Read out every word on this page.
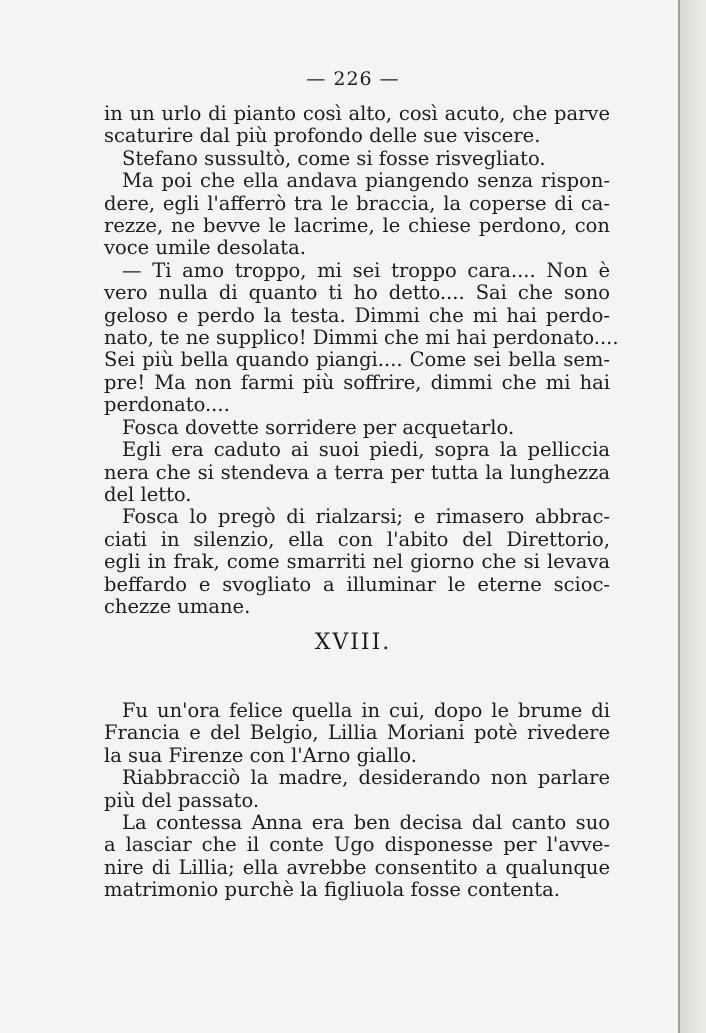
— 226 —
in un urlo di pianto così alto, così acuto, che parve
scaturire dal più profondo delle sue viscere.
Stefano sussultò, come si fosse risvegliato.
Ma poi che ella andava piangendo senza rispon-
dere, egli l'afferrò tra le braccia, la coperse di ca-
rezze, ne bevve le lacrime, le chiese perdono, con
voce umile desolata.
— Ti amo troppo, mi sei troppo cara.... Non è
vero nulla di quanto ti ho detto.... Sai che sono
geloso e perdo la testa. Dimmi che mi hai perdo-
nato, te ne supplico! Dimmi che mi hai perdonato....
Sei più bella quando piangi.... Come sei bella sem-
pre! Ma non farmi più soffrire, dimmi che mi hai
perdonato....
Fosca dovette sorridere per acquetarlo.
Egli era caduto ai suoi piedi, sopra la pelliccia
nera che si stendeva a terra per tutta la lunghezza
del letto.
Fosca lo pregò di rialzarsi; e rimasero abbrac-
ciati in silenzio, ella con l'abito del Direttorio,
egli in frak, come smarriti nel giorno che si levava
beffardo e svogliato a illuminar le eterne scioc-
chezze umane.
XVIII.
Fu un'ora felice quella in cui, dopo le brume di
Francia e del Belgio, Lillia Moriani potè rivedere
la sua Firenze con l'Arno giallo.
Riabbracciò la madre, desiderando non parlare
più del passato.
La contessa Anna era ben decisa dal canto suo
a lasciar che il conte Ugo disponesse per l'avve-
nire di Lillia; ella avrebbe consentito a qualunque
matrimonio purchè la figliuola fosse contenta.
